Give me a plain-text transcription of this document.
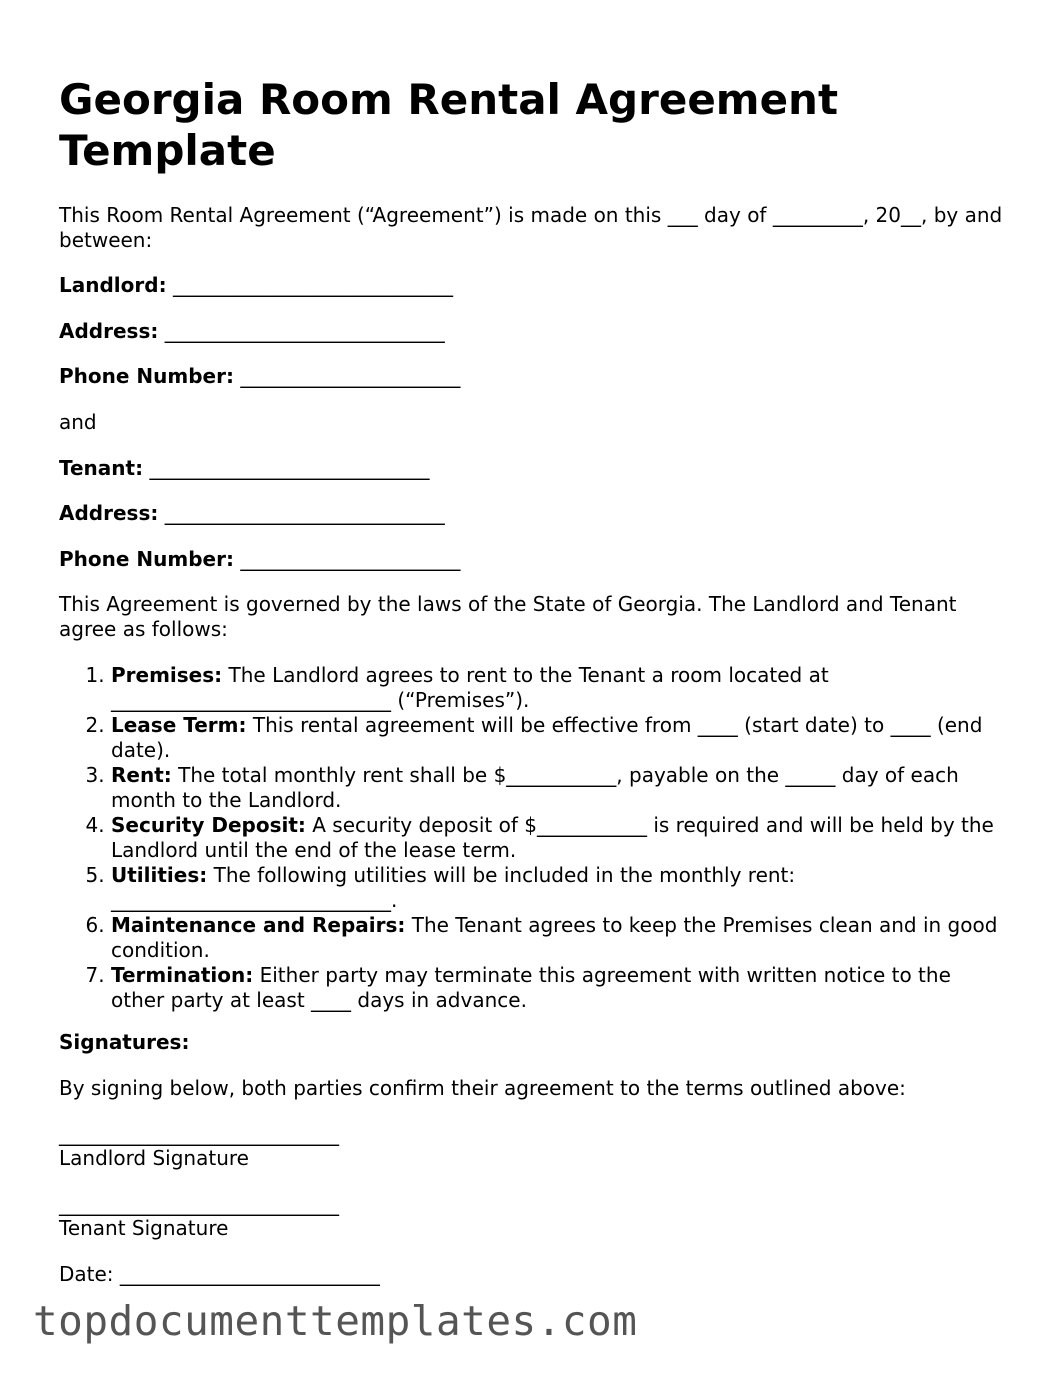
Georgia Room Rental Agreement Template

This Room Rental Agreement (“Agreement”) is made on this ___ day of _________, 20__, by and between:

Landlord: ____________________________

Address: ____________________________

Phone Number: ______________________

and

Tenant: ____________________________

Address: ____________________________

Phone Number: ______________________

This Agreement is governed by the laws of the State of Georgia. The Landlord and Tenant agree as follows:

1. Premises: The Landlord agrees to rent to the Tenant a room located at ____________________________ (“Premises”).
2. Lease Term: This rental agreement will be effective from ____ (start date) to ____ (end date).
3. Rent: The total monthly rent shall be $___________, payable on the _____ day of each month to the Landlord.
4. Security Deposit: A security deposit of $___________ is required and will be held by the Landlord until the end of the lease term.
5. Utilities: The following utilities will be included in the monthly rent: ____________________________.
6. Maintenance and Repairs: The Tenant agrees to keep the Premises clean and in good condition.
7. Termination: Either party may terminate this agreement with written notice to the other party at least ____ days in advance.

Signatures:

By signing below, both parties confirm their agreement to the terms outlined above:

____________________________

Landlord Signature

____________________________

Tenant Signature

Date: __________________________

topdocumenttemplates.com
